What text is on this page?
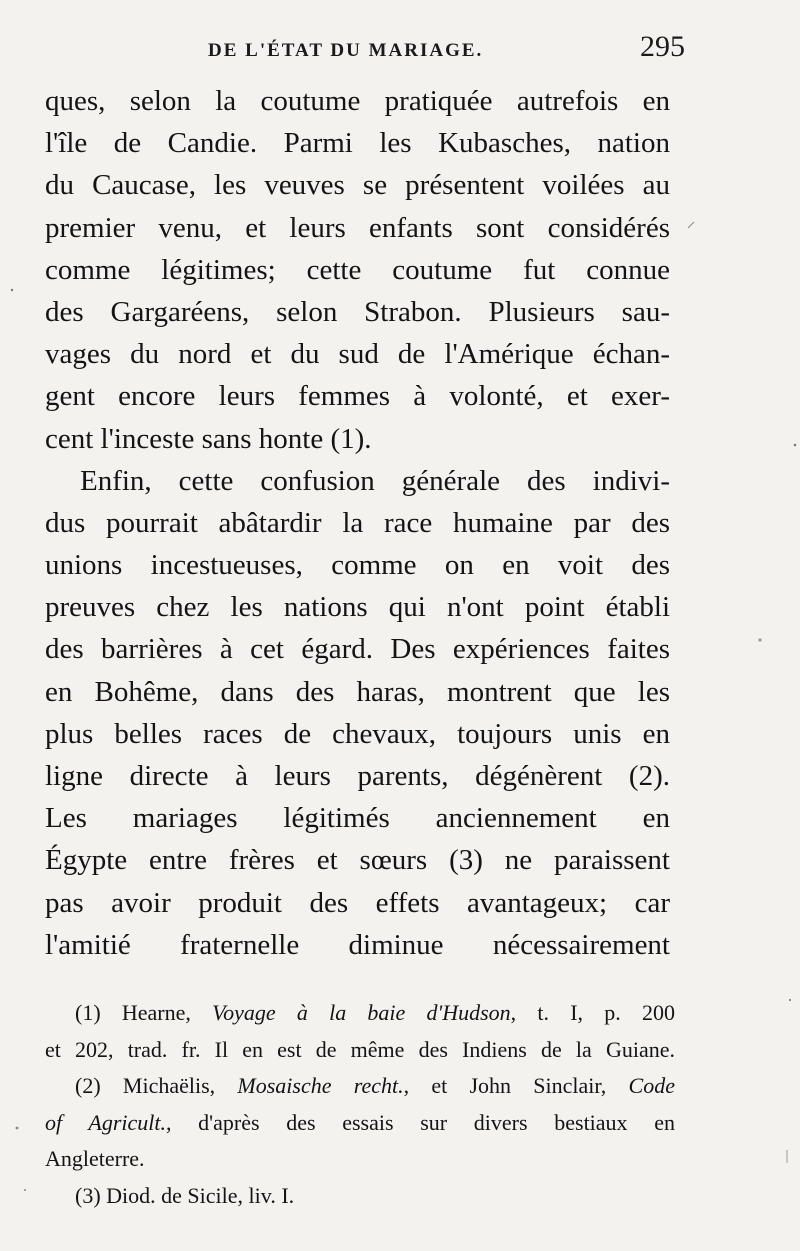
DE L'ÉTAT DU MARIAGE.	295
ques, selon la coutume pratiquée autrefois en
l'île de Candie. Parmi les Kubasches, nation
du Caucase, les veuves se présentent voilées au
premier venu, et leurs enfants sont considérés
comme légitimes; cette coutume fut connue
des Gargaréens, selon Strabon. Plusieurs sau-
vages du nord et du sud de l'Amérique échan-
gent encore leurs femmes à volonté, et exer-
cent l'inceste sans honte (1).
Enfin, cette confusion générale des indivi-
dus pourrait abâtardir la race humaine par des
unions incestueuses, comme on en voit des
preuves chez les nations qui n'ont point établi
des barrières à cet égard. Des expériences faites
en Bohême, dans des haras, montrent que les
plus belles races de chevaux, toujours unis en
ligne directe à leurs parents, dégénèrent (2).
Les mariages légitimés anciennement en
Égypte entre frères et sœurs (3) ne paraissent
pas avoir produit des effets avantageux; car
l'amitié fraternelle diminue nécessairement
(1) Hearne, Voyage à la baie d'Hudson, t. I, p. 200
et 202, trad. fr. Il en est de même des Indiens de la Guiane.
(2) Michaëlis, Mosaische recht., et John Sinclair, Code
of Agricult., d'après des essais sur divers bestiaux en
Angleterre.
(3) Diod. de Sicile, liv. I.
